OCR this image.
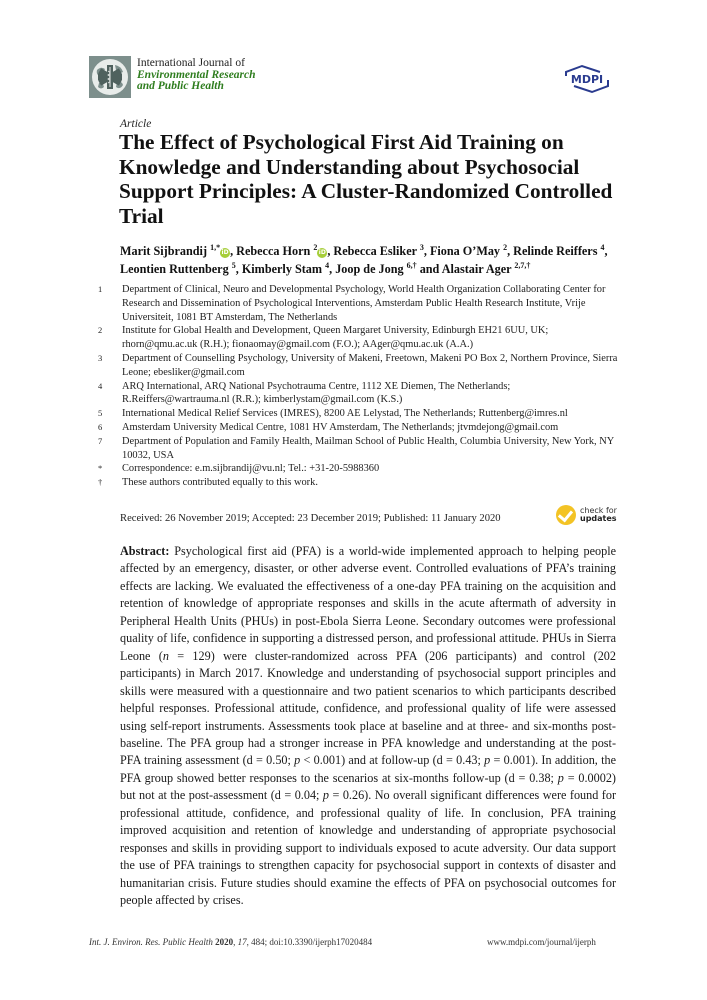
International Journal of
Environmental Research
and Public Health	MDPI
Article
The Effect of Psychological First Aid Training on Knowledge and Understanding about Psychosocial Support Principles: A Cluster-Randomized Controlled Trial
Marit Sijbrandij $^{1,*}$iD, Rebecca Horn $^2$iD, Rebecca Esliker $^3$, Fiona O’May $^2$, Relinde Reiffers $^4$, Leontien Ruttenberg $^5$, Kimberly Stam $^4$, Joop de Jong $^{6,\dagger}$ and Alastair Ager $^{2,7,\dagger}$
1	Department of Clinical, Neuro and Developmental Psychology, World Health Organization Collaborating Center for Research and Dissemination of Psychological Interventions, Amsterdam Public Health Research Institute, Vrije Universiteit, 1081 BT Amsterdam, The Netherlands
2	Institute for Global Health and Development, Queen Margaret University, Edinburgh EH21 6UU, UK; rhorn@qmu.ac.uk (R.H.); fionaomay@gmail.com (F.O.); AAger@qmu.ac.uk (A.A.)
3	Department of Counselling Psychology, University of Makeni, Freetown, Makeni PO Box 2, Northern Province, Sierra Leone; ebesliker@gmail.com
4	ARQ International, ARQ National Psychotrauma Centre, 1112 XE Diemen, The Netherlands; R.Reiffers@wartrauma.nl (R.R.); kimberlystam@gmail.com (K.S.)
5	International Medical Relief Services (IMRES), 8200 AE Lelystad, The Netherlands; Ruttenberg@imres.nl
6	Amsterdam University Medical Centre, 1081 HV Amsterdam, The Netherlands; jtvmdejong@gmail.com
7	Department of Population and Family Health, Mailman School of Public Health, Columbia University, New York, NY 10032, USA
*	Correspondence: e.m.sijbrandij@vu.nl; Tel.: +31-20-5988360
†	These authors contributed equally to this work.
Received: 26 November 2019; Accepted: 23 December 2019; Published: 11 January 2020
check for
updates
Abstract: Psychological first aid (PFA) is a world-wide implemented approach to helping people affected by an emergency, disaster, or other adverse event. Controlled evaluations of PFA’s training effects are lacking. We evaluated the effectiveness of a one-day PFA training on the acquisition and retention of knowledge of appropriate responses and skills in the acute aftermath of adversity in Peripheral Health Units (PHUs) in post-Ebola Sierra Leone. Secondary outcomes were professional quality of life, confidence in supporting a distressed person, and professional attitude. PHUs in Sierra Leone (n = 129) were cluster-randomized across PFA (206 participants) and control (202 participants) in March 2017. Knowledge and understanding of psychosocial support principles and skills were measured with a questionnaire and two patient scenarios to which participants described helpful responses. Professional attitude, confidence, and professional quality of life were assessed using self-report instruments. Assessments took place at baseline and at three- and six-months post-baseline. The PFA group had a stronger increase in PFA knowledge and understanding at the post-PFA training assessment (d = 0.50; p < 0.001) and at follow-up (d = 0.43; p = 0.001). In addition, the PFA group showed better responses to the scenarios at six-months follow-up (d = 0.38; p = 0.0002) but not at the post-assessment (d = 0.04; p = 0.26). No overall significant differences were found for professional attitude, confidence, and professional quality of life. In conclusion, PFA training improved acquisition and retention of knowledge and understanding of appropriate psychosocial responses and skills in providing support to individuals exposed to acute adversity. Our data support the use of PFA trainings to strengthen capacity for psychosocial support in contexts of disaster and humanitarian crisis. Future studies should examine the effects of PFA on psychosocial outcomes for people affected by crises.
Int. J. Environ. Res. Public Health 2020, 17, 484; doi:10.3390/ijerph17020484	www.mdpi.com/journal/ijerph
